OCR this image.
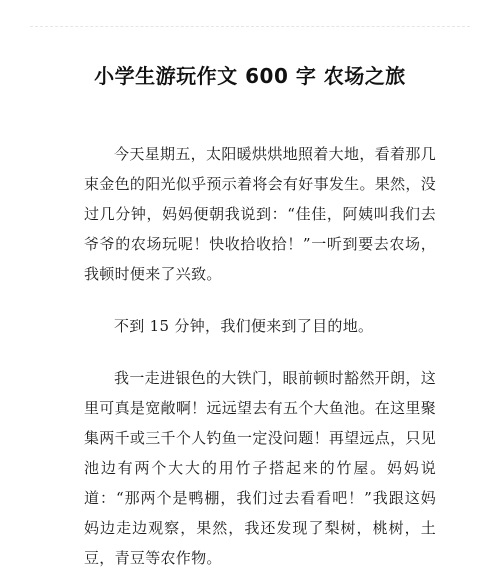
小学生游玩作文 600 字 农场之旅

今天星期五，太阳暖烘烘地照着大地，看着那几束金色的阳光似乎预示着将会有好事发生。果然，没过几分钟，妈妈便朝我说到：“佳佳，阿姨叫我们去爷爷的农场玩呢！快收拾收拾！”一听到要去农场，我顿时便来了兴致。

不到 15 分钟，我们便来到了目的地。

我一走进银色的大铁门，眼前顿时豁然开朗，这里可真是宽敞啊！远远望去有五个大鱼池。在这里聚集两千或三千个人钓鱼一定没问题！再望远点，只见池边有两个大大的用竹子搭起来的竹屋。妈妈说道：“那两个是鸭棚，我们过去看看吧！”我跟这妈妈边走边观察，果然，我还发现了梨树，桃树，土豆，青豆等农作物。
